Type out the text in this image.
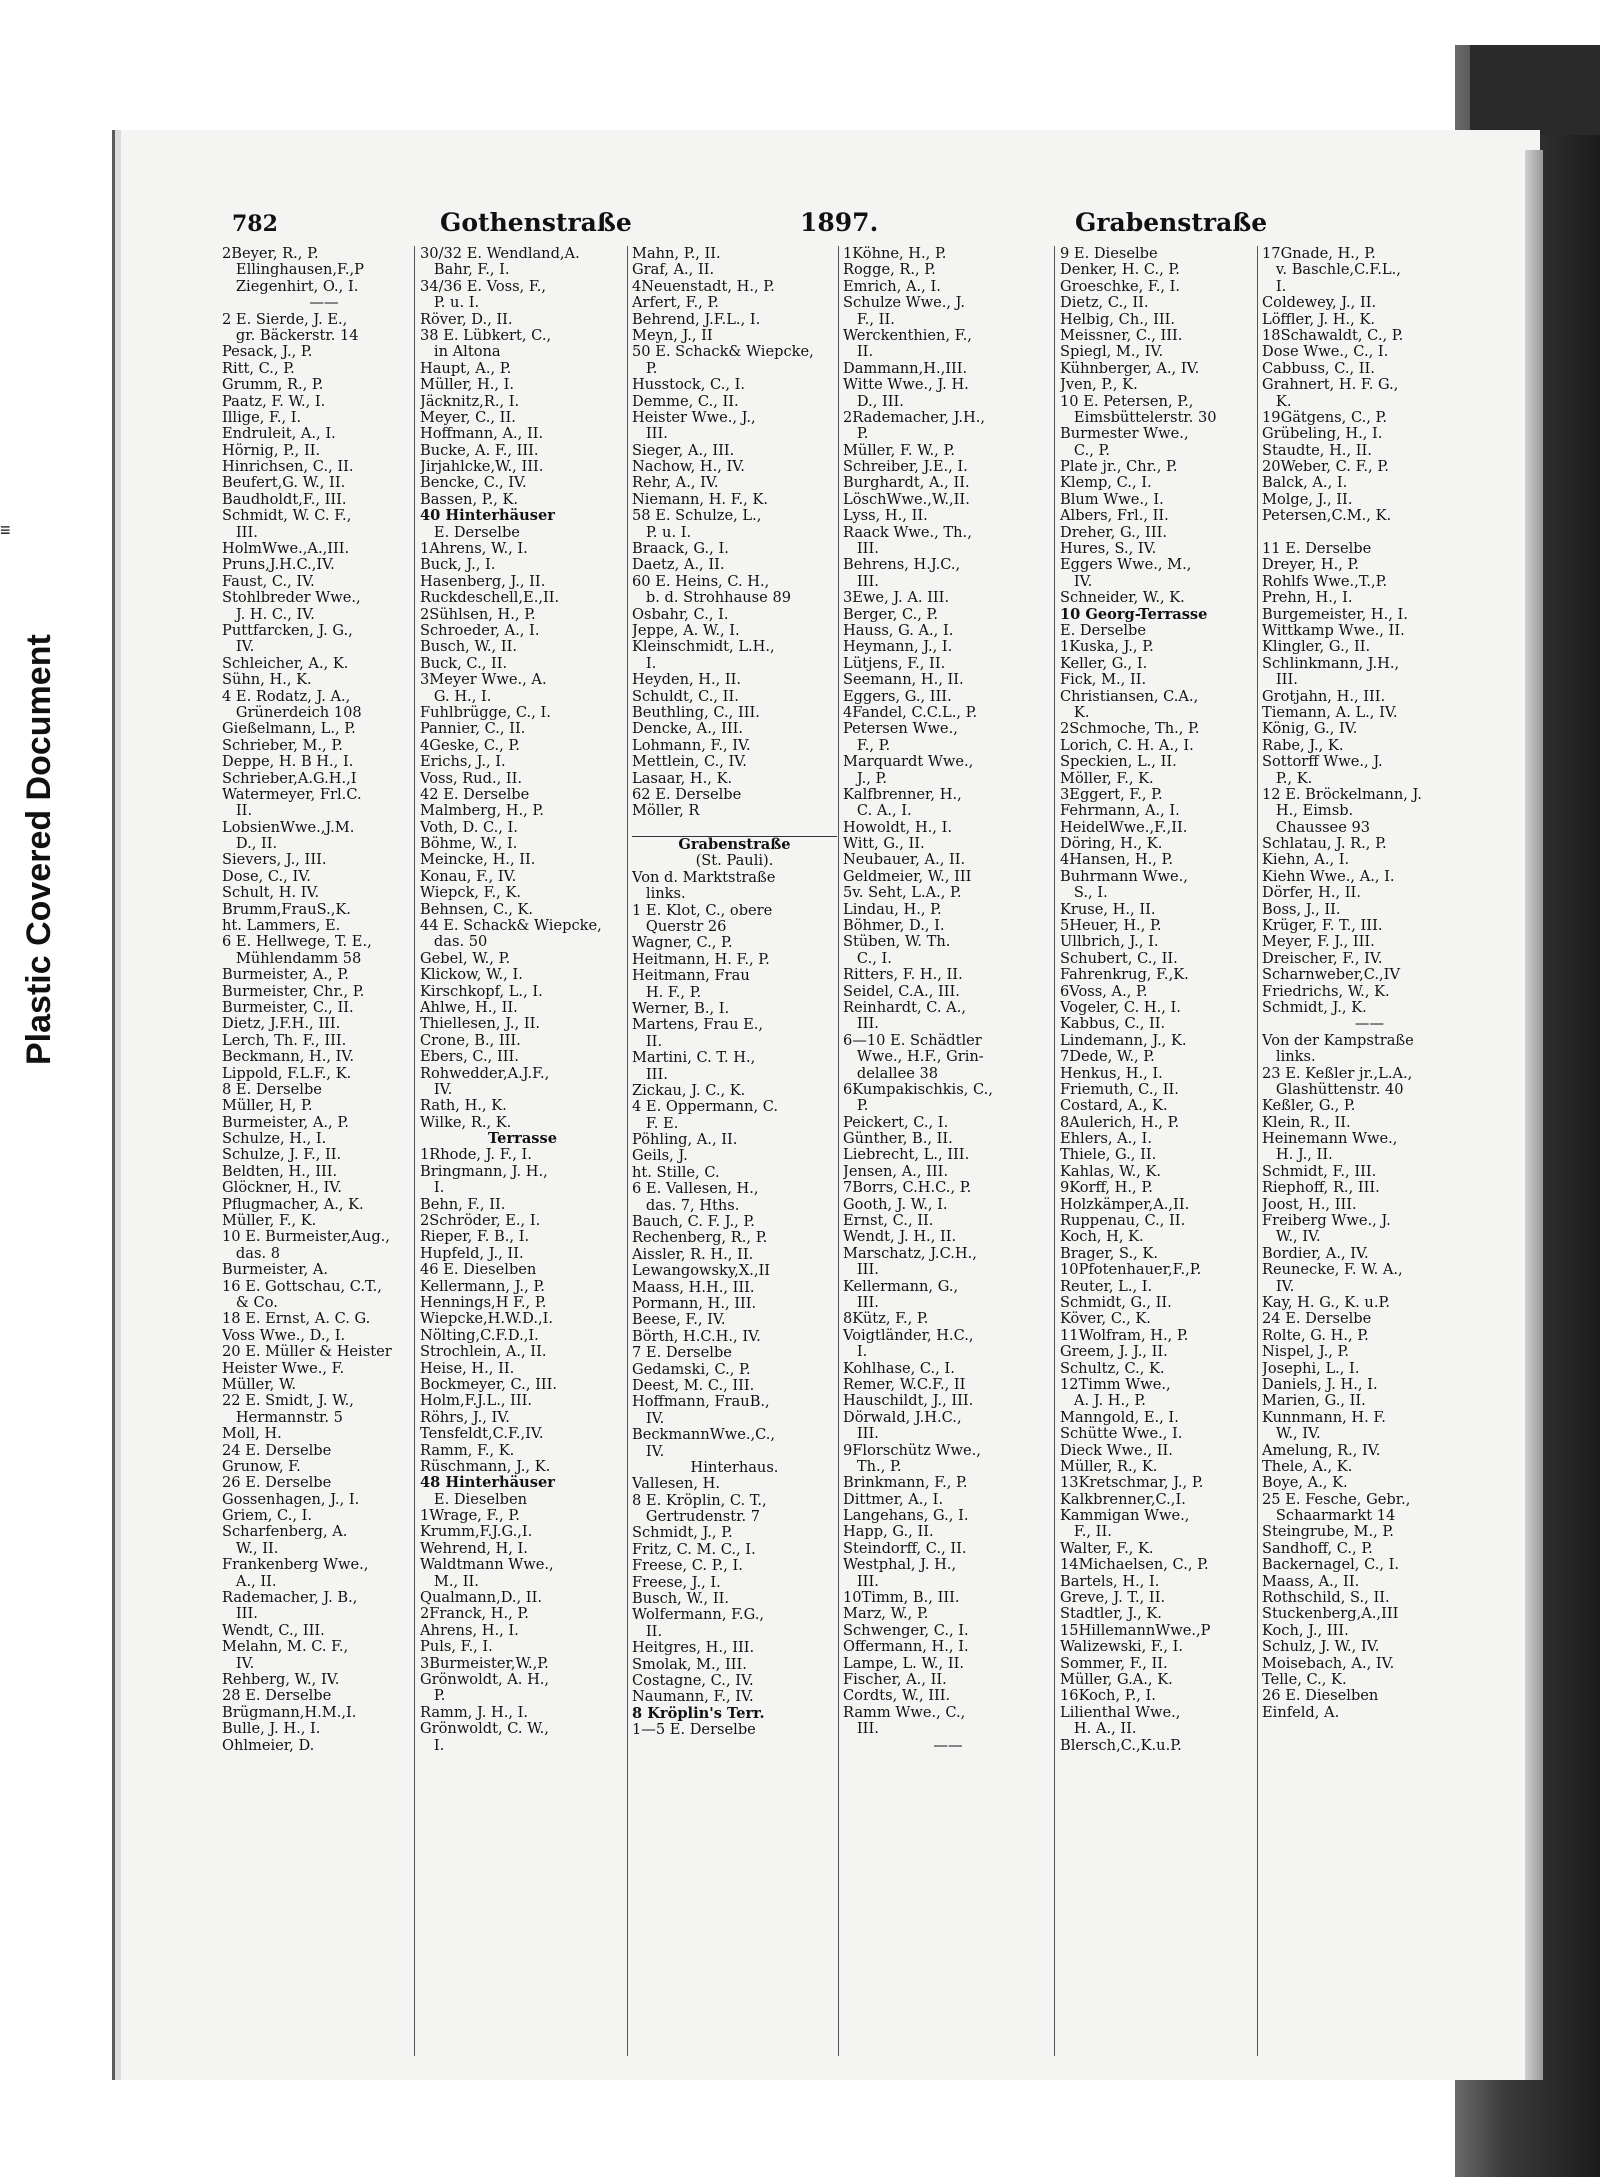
Plastic Covered Document
≡
782	Gothenstraße	1897.	Grabenstraße
2Beyer, R., P.
Ellinghausen,F.,P
Ziegenhirt, O., I.
——
2 E. Sierde, J. E.,
gr. Bäckerstr. 14
Pesack, J., P.
Ritt, C., P.
Grumm, R., P.
Paatz, F. W., I.
Illige, F., I.
Endruleit, A., I.
Hörnig, P., II.
Hinrichsen, C., II.
Beufert,G. W., II.
Baudholdt,F., III.
Schmidt, W. C. F.,
III.
HolmWwe.,A.,III.
Pruns,J.H.C.,IV.
Faust, C., IV.
Stohlbreder Wwe.,
J. H. C., IV.
Puttfarcken, J. G.,
IV.
Schleicher, A., K.
Sühn, H., K.
4 E. Rodatz, J. A.,
Grünerdeich 108
Gießelmann, L., P.
Schrieber, M., P.
Deppe, H. B H., I.
Schrieber,A.G.H.,I
Watermeyer, Frl.C.
II.
LobsienWwe.,J.M.
D., II.
Sievers, J., III.
Dose, C., IV.
Schult, H. IV.
Brumm,FrauS.,K.
ht. Lammers, E.
6 E. Hellwege, T. E.,
Mühlendamm 58
Burmeister, A., P.
Burmeister, Chr., P.
Burmeister, C., II.
Dietz, J.F.H., III.
Lerch, Th. F., III.
Beckmann, H., IV.
Lippold, F.L.F., K.
8 E. Derselbe
Müller, H, P.
Burmeister, A., P.
Schulze, H., I.
Schulze, J. F., II.
Beldten, H., III.
Glöckner, H., IV.
Pflugmacher, A., K.
Müller, F., K.
10 E. Burmeister,Aug.,
das. 8
Burmeister, A.
16 E. Gottschau, C.T.,
& Co.
18 E. Ernst, A. C. G.
Voss Wwe., D., I.
20 E. Müller & Heister
Heister Wwe., F.
Müller, W.
22 E. Smidt, J. W.,
Hermannstr. 5
Moll, H.
24 E. Derselbe
Grunow, F.
26 E. Derselbe
Gossenhagen, J., I.
Griem, C., I.
Scharfenberg, A.
W., II.
Frankenberg Wwe.,
A., II.
Rademacher, J. B.,
III.
Wendt, C., III.
Melahn, M. C. F.,
IV.
Rehberg, W., IV.
28 E. Derselbe
Brügmann,H.M.,I.
Bulle, J. H., I.
Ohlmeier, D.
30/32 E. Wendland,A.
Bahr, F., I.
34/36 E. Voss, F.,
P. u. I.
Röver, D., II.
38 E. Lübkert, C.,
in Altona
Haupt, A., P.
Müller, H., I.
Jäcknitz,R., I.
Meyer, C., II.
Hoffmann, A., II.
Bucke, A. F., III.
Jirjahlcke,W., III.
Bencke, C., IV.
Bassen, P., K.
40 Hinterhäuser
E. Derselbe
1Ahrens, W., I.
Buck, J., I.
Hasenberg, J., II.
Ruckdeschell,E.,II.
2Sühlsen, H., P.
Schroeder, A., I.
Busch, W., II.
Buck, C., II.
3Meyer Wwe., A.
G. H., I.
Fuhlbrügge, C., I.
Pannier, C., II.
4Geske, C., P.
Erichs, J., I.
Voss, Rud., II.
42 E. Derselbe
Malmberg, H., P.
Voth, D. C., I.
Böhme, W., I.
Meincke, H., II.
Konau, F., IV.
Wiepck, F., K.
Behnsen, C., K.
44 E. Schack& Wiepcke,
das. 50
Gebel, W., P.
Klickow, W., I.
Kirschkopf, L., I.
Ahlwe, H., II.
Thiellesen, J., II.
Crone, B., III.
Ebers, C., III.
Rohwedder,A.J.F.,
IV.
Rath, H., K.
Wilke, R., K.
Terrasse
1Rhode, J. F., I.
Bringmann, J. H.,
I.
Behn, F., II.
2Schröder, E., I.
Rieper, F. B., I.
Hupfeld, J., II.
46 E. Dieselben
Kellermann, J., P.
Hennings,H F., P.
Wiepcke,H.W.D.,I.
Nölting,C.F.D.,I.
Strochlein, A., II.
Heise, H., II.
Bockmeyer, C., III.
Holm,F.J.L., III.
Röhrs, J., IV.
Tensfeldt,C.F.,IV.
Ramm, F., K.
Rüschmann, J., K.
48 Hinterhäuser
E. Dieselben
1Wrage, F., P.
Krumm,F.J.G.,I.
Wehrend, H, I.
Waldtmann Wwe.,
M., II.
Qualmann,D., II.
2Franck, H., P.
Ahrens, H., I.
Puls, F., I.
3Burmeister,W.,P.
Grönwoldt, A. H.,
P.
Ramm, J. H., I.
Grönwoldt, C. W.,
I.
Mahn, P., II.
Graf, A., II.
4Neuenstadt, H., P.
Arfert, F., P.
Behrend, J.F.L., I.
Meyn, J., II
50 E. Schack& Wiepcke,
P.
Husstock, C., I.
Demme, C., II.
Heister Wwe., J.,
III.
Sieger, A., III.
Nachow, H., IV.
Rehr, A., IV.
Niemann, H. F., K.
58 E. Schulze, L.,
P. u. I.
Braack, G., I.
Daetz, A., II.
60 E. Heins, C. H.,
b. d. Strohhause 89
Osbahr, C., I.
Jeppe, A. W., I.
Kleinschmidt, L.H.,
I.
Heyden, H., II.
Schuldt, C., II.
Beuthling, C., III.
Dencke, A., III.
Lohmann, F., IV.
Mettlein, C., IV.
Lasaar, H., K.
62 E. Derselbe
Möller, R
Grabenstraße
(St. Pauli).
Von d. Marktstraße
links.
1 E. Klot, C., obere
Querstr 26
Wagner, C., P.
Heitmann, H. F., P.
Heitmann, Frau
H. F., P.
Werner, B., I.
Martens, Frau E.,
II.
Martini, C. T. H.,
III.
Zickau, J. C., K.
4 E. Oppermann, C.
F. E.
Pöhling, A., II.
Geils, J.
ht. Stille, C.
6 E. Vallesen, H.,
das. 7, Hths.
Bauch, C. F. J., P.
Rechenberg, R., P.
Aissler, R. H., II.
Lewangowsky,X.,II
Maass, H.H., III.
Pormann, H., III.
Beese, F., IV.
Börth, H.C.H., IV.
7 E. Derselbe
Gedamski, C., P.
Deest, M. C., III.
Hoffmann, FrauB.,
IV.
BeckmannWwe.,C.,
IV.
Hinterhaus.
Vallesen, H.
8 E. Kröplin, C. T.,
Gertrudenstr. 7
Schmidt, J., P.
Fritz, C. M. C., I.
Freese, C. P., I.
Freese, J., I.
Busch, W., II.
Wolfermann, F.G.,
II.
Heitgres, H., III.
Smolak, M., III.
Costagne, C., IV.
Naumann, F., IV.
8 Kröplin's Terr.
1—5 E. Derselbe
1Köhne, H., P.
Rogge, R., P.
Emrich, A., I.
Schulze Wwe., J.
F., II.
Werckenthien, F.,
II.
Dammann,H.,III.
Witte Wwe., J. H.
D., III.
2Rademacher, J.H.,
P.
Müller, F. W., P.
Schreiber, J.E., I.
Burghardt, A., II.
LöschWwe.,W.,II.
Lyss, H., II.
Raack Wwe., Th.,
III.
Behrens, H.J.C.,
III.
3Ewe, J. A. III.
Berger, C., P.
Hauss, G. A., I.
Heymann, J., I.
Lütjens, F., II.
Seemann, H., II.
Eggers, G., III.
4Fandel, C.C.L., P.
Petersen Wwe.,
F., P.
Marquardt Wwe.,
J., P.
Kalfbrenner, H.,
C. A., I.
Howoldt, H., I.
Witt, G., II.
Neubauer, A., II.
Geldmeier, W., III
5v. Seht, L.A., P.
Lindau, H., P.
Böhmer, D., I.
Stüben, W. Th.
C., I.
Ritters, F. H., II.
Seidel, C.A., III.
Reinhardt, C. A.,
III.
6—10 E. Schädtler
Wwe., H.F., Grin-
delallee 38
6Kumpakischkis, C.,
P.
Peickert, C., I.
Günther, B., II.
Liebrecht, L., III.
Jensen, A., III.
7Borrs, C.H.C., P.
Gooth, J. W., I.
Ernst, C., II.
Wendt, J. H., II.
Marschatz, J.C.H.,
III.
Kellermann, G.,
III.
8Kütz, F., P.
Voigtländer, H.C.,
I.
Kohlhase, C., I.
Remer, W.C.F., II
Hauschildt, J., III.
Dörwald, J.H.C.,
III.
9Florschütz Wwe.,
Th., P.
Brinkmann, F., P.
Dittmer, A., I.
Langehans, G., I.
Happ, G., II.
Steindorff, C., II.
Westphal, J. H.,
III.
10Timm, B., III.
Marz, W., P.
Schwenger, C., I.
Offermann, H., I.
Lampe, L. W., II.
Fischer, A., II.
Cordts, W., III.
Ramm Wwe., C.,
III.
——
9 E. Dieselbe
Denker, H. C., P.
Groeschke, F., I.
Dietz, C., II.
Helbig, Ch., III.
Meissner, C., III.
Spiegl, M., IV.
Kühnberger, A., IV.
Jven, P., K.
10 E. Petersen, P.,
Eimsbüttelerstr. 30
Burmester Wwe.,
C., P.
Plate jr., Chr., P.
Klemp, C., I.
Blum Wwe., I.
Albers, Frl., II.
Dreher, G., III.
Hures, S., IV.
Eggers Wwe., M.,
IV.
Schneider, W., K.
10 Georg-Terrasse
E. Derselbe
1Kuska, J., P.
Keller, G., I.
Fick, M., II.
Christiansen, C.A.,
K.
2Schmoche, Th., P.
Lorich, C. H. A., I.
Speckien, L., II.
Möller, F., K.
3Eggert, F., P.
Fehrmann, A., I.
HeidelWwe.,F.,II.
Döring, H., K.
4Hansen, H., P.
Buhrmann Wwe.,
S., I.
Kruse, H., II.
5Heuer, H., P.
Ullbrich, J., I.
Schubert, C., II.
Fahrenkrug, F.,K.
6Voss, A., P.
Vogeler, C. H., I.
Kabbus, C., II.
Lindemann, J., K.
7Dede, W., P.
Henkus, H., I.
Friemuth, C., II.
Costard, A., K.
8Aulerich, H., P.
Ehlers, A., I.
Thiele, G., II.
Kahlas, W., K.
9Korff, H., P.
Holzkämper,A.,II.
Ruppenau, C., II.
Koch, H, K.
Brager, S., K.
10Pfotenhauer,F.,P.
Reuter, L., I.
Schmidt, G., II.
Köver, C., K.
11Wolfram, H., P.
Greem, J. J., II.
Schultz, C., K.
12Timm Wwe.,
A. J. H., P.
Manngold, E., I.
Schütte Wwe., I.
Dieck Wwe., II.
Müller, R., K.
13Kretschmar, J., P.
Kalkbrenner,C.,I.
Kammigan Wwe.,
F., II.
Walter, F., K.
14Michaelsen, C., P.
Bartels, H., I.
Greve, J. T., II.
Stadtler, J., K.
15HillemannWwe.,P
Walizewski, F., I.
Sommer, F., II.
Müller, G.A., K.
16Koch, P., I.
Lilienthal Wwe.,
H. A., II.
Blersch,C.,K.u.P.
17Gnade, H., P.
v. Baschle,C.F.L.,
I.
Coldewey, J., II.
Löffler, J. H., K.
18Schawaldt, C., P.
Dose Wwe., C., I.
Cabbuss, C., II.
Grahnert, H. F. G.,
K.
19Gätgens, C., P.
Grübeling, H., I.
Staudte, H., II.
20Weber, C. F., P.
Balck, A., I.
Molge, J., II.
Petersen,C.M., K.
11 E. Derselbe
Dreyer, H., P.
Rohlfs Wwe.,T.,P.
Prehn, H., I.
Burgemeister, H., I.
Wittkamp Wwe., II.
Klingler, G., II.
Schlinkmann, J.H.,
III.
Grotjahn, H., III.
Tiemann, A. L., IV.
König, G., IV.
Rabe, J., K.
Sottorff Wwe., J.
P., K.
12 E. Bröckelmann, J.
H., Eimsb.
Chaussee 93
Schlatau, J. R., P.
Kiehn, A., I.
Kiehn Wwe., A., I.
Dörfer, H., II.
Boss, J., II.
Krüger, F. T., III.
Meyer, F. J., III.
Dreischer, F., IV.
Scharnweber,C.,IV
Friedrichs, W., K.
Schmidt, J., K.
——
Von der Kampstraße
links.
23 E. Keßler jr.,L.A.,
Glashüttenstr. 40
Keßler, G., P.
Klein, R., II.
Heinemann Wwe.,
H. J., II.
Schmidt, F., III.
Riephoff, R., III.
Joost, H., III.
Freiberg Wwe., J.
W., IV.
Bordier, A., IV.
Reunecke, F. W. A.,
IV.
Kay, H. G., K. u.P.
24 E. Derselbe
Rolte, G. H., P.
Nispel, J., P.
Josephi, L., I.
Daniels, J. H., I.
Marien, G., II.
Kunnmann, H. F.
W., IV.
Amelung, R., IV.
Thele, A., K.
Boye, A., K.
25 E. Fesche, Gebr.,
Schaarmarkt 14
Steingrube, M., P.
Sandhoff, C., P.
Backernagel, C., I.
Maass, A., II.
Rothschild, S., II.
Stuckenberg,A.,III
Koch, J., III.
Schulz, J. W., IV.
Moisebach, A., IV.
Telle, C., K.
26 E. Dieselben
Einfeld, A.
